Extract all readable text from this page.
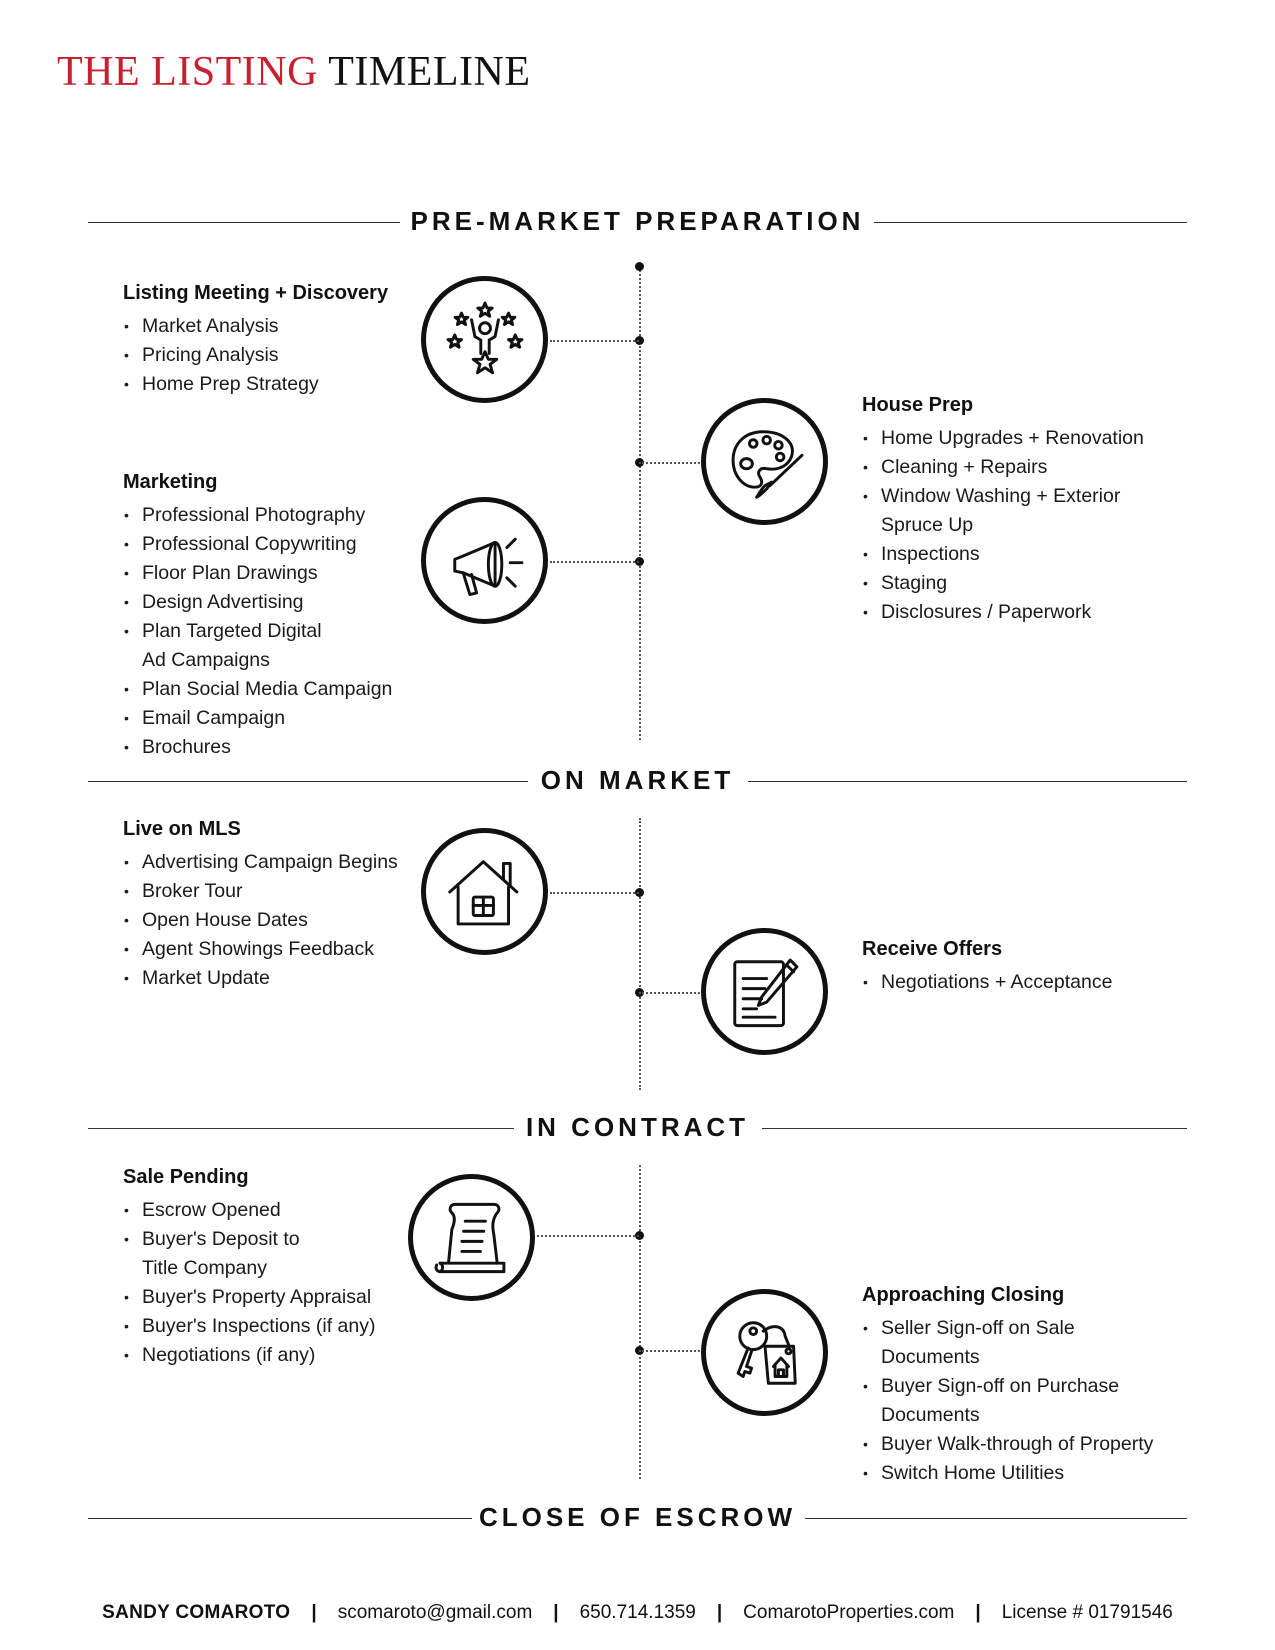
THE LISTING TIMELINE
PRE-MARKET PREPARATION
ON MARKET
IN CONTRACT
CLOSE OF ESCROW
Listing Meeting + Discovery
• Market Analysis
• Pricing Analysis
• Home Prep Strategy
House Prep
• Home Upgrades + Renovation
• Cleaning + Repairs
• Window Washing + Exterior
Spruce Up
• Inspections
• Staging
• Disclosures / Paperwork
Marketing
• Professional Photography
• Professional Copywriting
• Floor Plan Drawings
• Design Advertising
• Plan Targeted Digital
Ad Campaigns
• Plan Social Media Campaign
• Email Campaign
• Brochures
Live on MLS
• Advertising Campaign Begins
• Broker Tour
• Open House Dates
• Agent Showings Feedback
• Market Update
Receive Offers
• Negotiations + Acceptance
Sale Pending
• Escrow Opened
• Buyer's Deposit to
Title Company
• Buyer's Property Appraisal
• Buyer's Inspections (if any)
• Negotiations (if any)
Approaching Closing
• Seller Sign-off on Sale
Documents
• Buyer Sign-off on Purchase
Documents
• Buyer Walk-through of Property
• Switch Home Utilities
SANDY COMAROTO | scomaroto@gmail.com | 650.714.1359 | ComarotoProperties.com | License # 01791546
